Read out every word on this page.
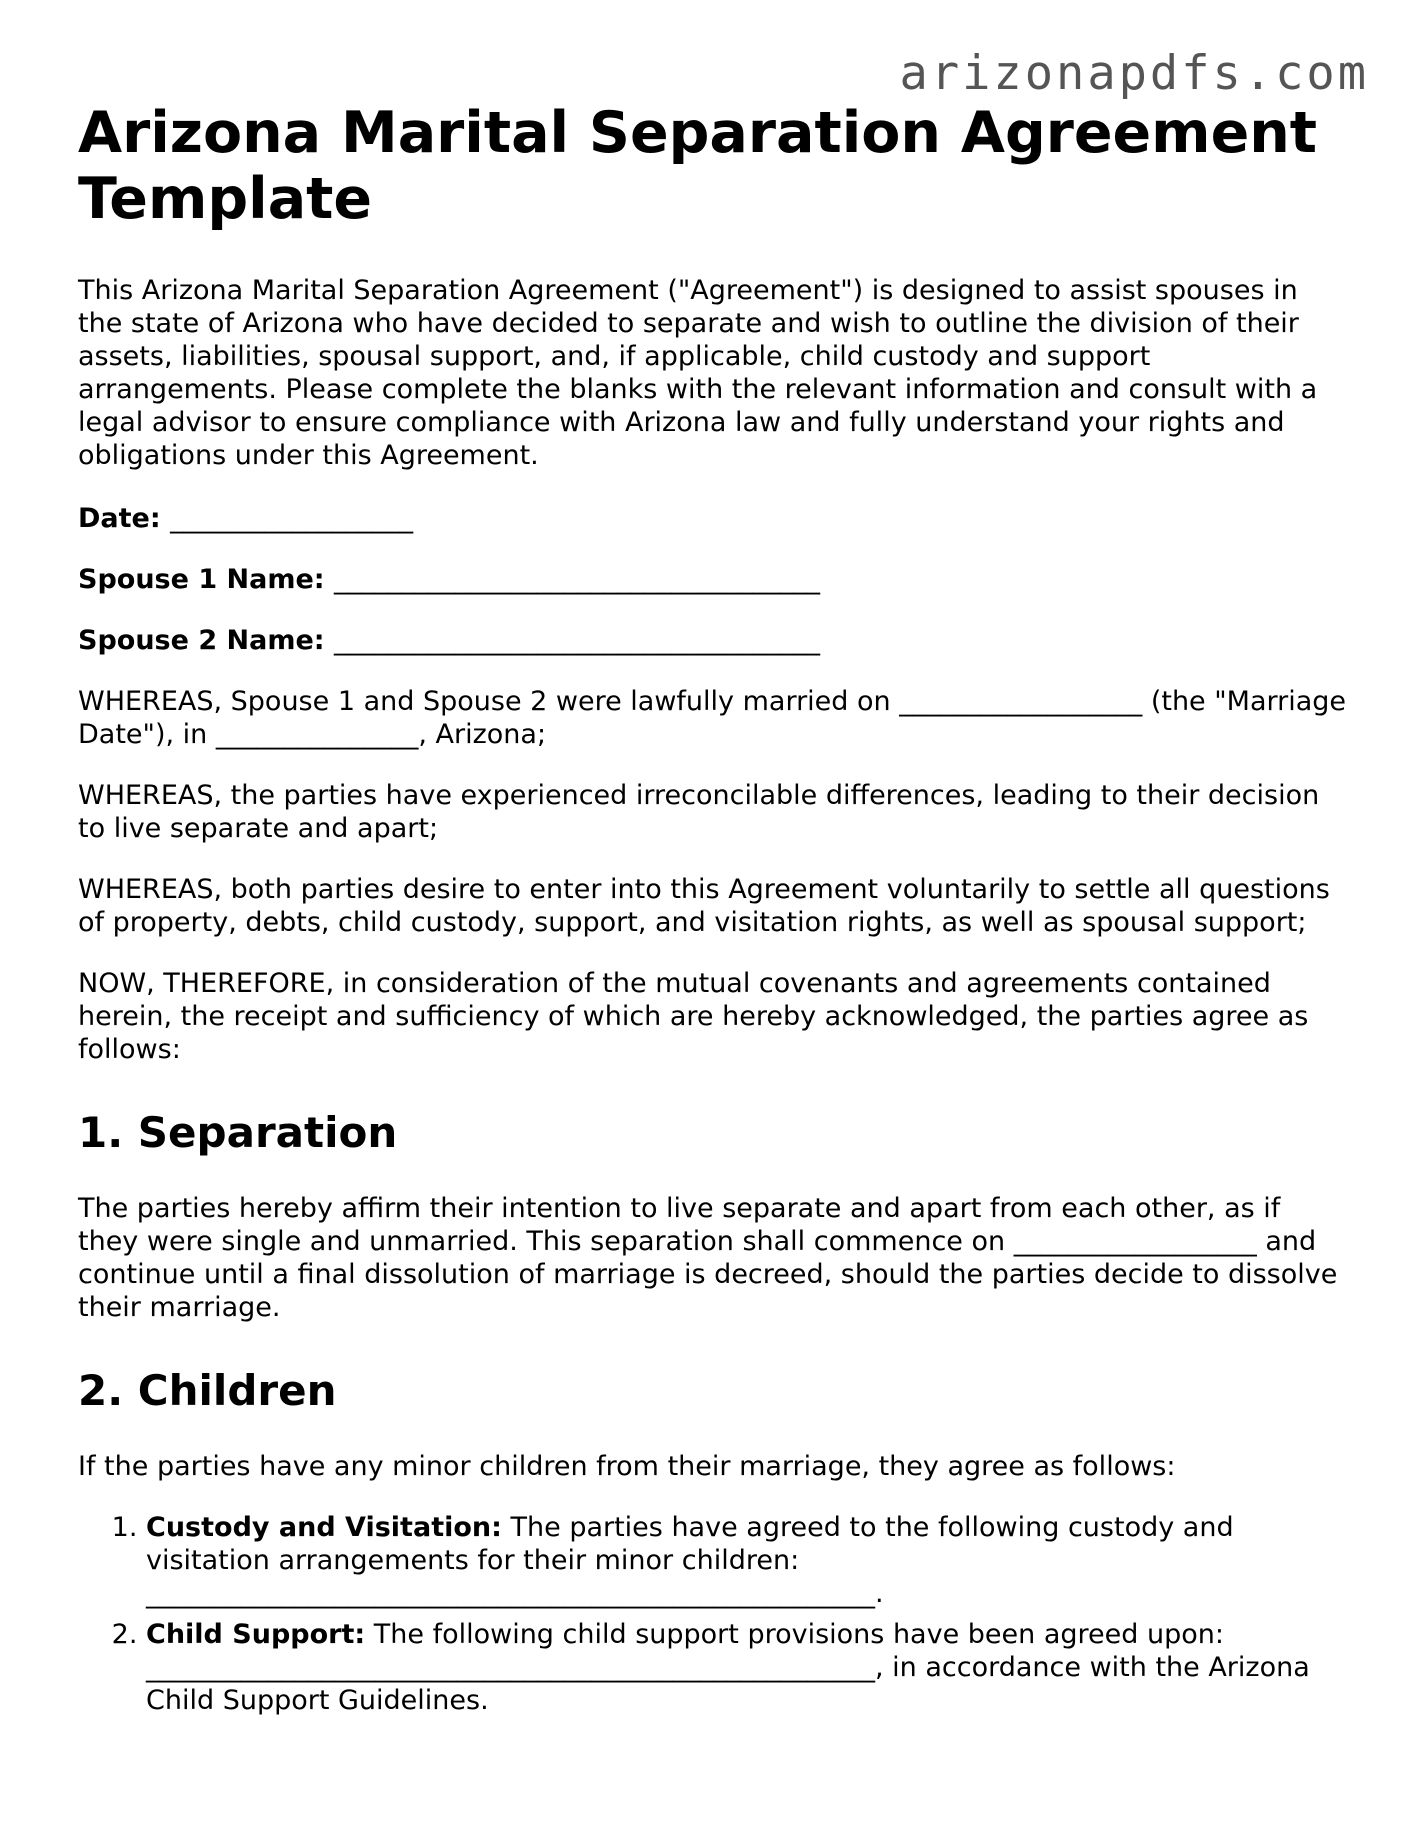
arizonapdfs.com
Arizona Marital Separation Agreement Template

This Arizona Marital Separation Agreement ("Agreement") is designed to assist spouses in the state of Arizona who have decided to separate and wish to outline the division of their assets, liabilities, spousal support, and, if applicable, child custody and support arrangements. Please complete the blanks with the relevant information and consult with a legal advisor to ensure compliance with Arizona law and fully understand your rights and obligations under this Agreement.

Date: __________________
Spouse 1 Name: ____________________________________
Spouse 2 Name: ____________________________________

WHEREAS, Spouse 1 and Spouse 2 were lawfully married on __________________ (the "Marriage Date"), in _______________, Arizona;

WHEREAS, the parties have experienced irreconcilable differences, leading to their decision to live separate and apart;

WHEREAS, both parties desire to enter into this Agreement voluntarily to settle all questions of property, debts, child custody, support, and visitation rights, as well as spousal support;

NOW, THEREFORE, in consideration of the mutual covenants and agreements contained herein, the receipt and sufficiency of which are hereby acknowledged, the parties agree as follows:

1. Separation

The parties hereby affirm their intention to live separate and apart from each other, as if they were single and unmarried. This separation shall commence on __________________ and continue until a final dissolution of marriage is decreed, should the parties decide to dissolve their marriage.

2. Children

If the parties have any minor children from their marriage, they agree as follows:

1. Custody and Visitation: The parties have agreed to the following custody and visitation arrangements for their minor children: ______________________________________________________.
2. Child Support: The following child support provisions have been agreed upon: ______________________________________________________, in accordance with the Arizona Child Support Guidelines.
